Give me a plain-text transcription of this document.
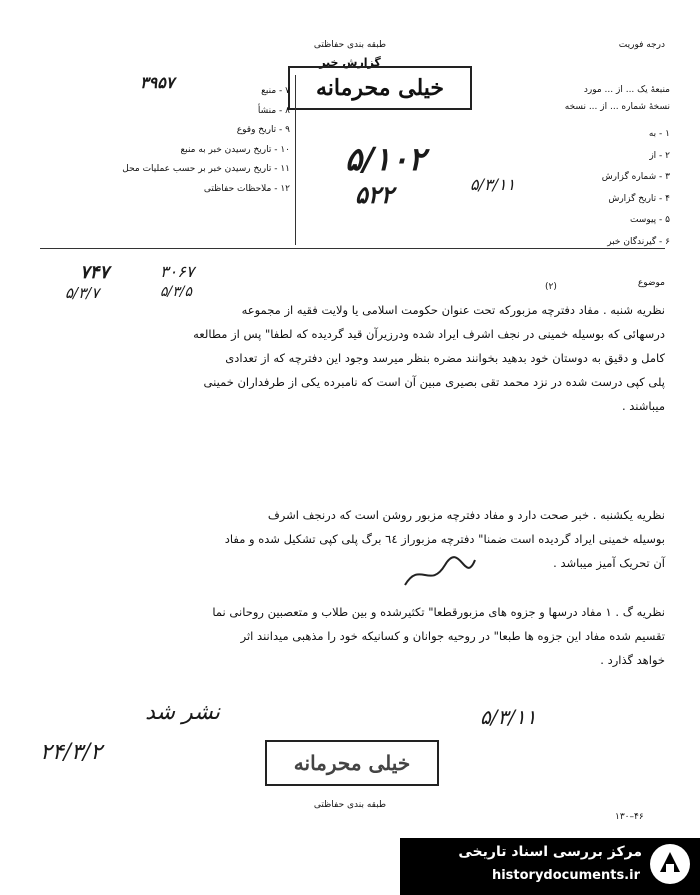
درجه فوریت
طبقه بندی حفاظتی
گزارش خبر
خیلی محرمانه	منبعهٔ یک ... از ... مورد
نسخهٔ شماره ... از ... نسخه
۱ - به
۲ - از
۳ - شماره گزارش
۴ - تاریخ گزارش
۵ - پیوست
۶ - گیرندگان خبر
۷ - منبع
۸ - منشأ
۹ - تاریخ وقوع
۱۰ - تاریخ رسیدن خبر به منبع
۱۱ - تاریخ رسیدن خبر بر حسب عملیات محل
۱۲ - ملاحظات حفاظتی
۳۹۵۷
۵/۱۰۲
۵۲۲	۵/۳/۱۱
۷۴۷
۵/۳/۷
۳۰۶۷
۵/۳/۵
موضوع
(۲)
نظریه شنبه . مفاد دفترچه مزبورکه تحت عنوان حکومت اسلامی یا ولایت فقیه از مجموعه
درسهائی که بوسیله خمینی در نجف اشرف ایراد شده ودرزیرآن قید گردیده که لطفا" پس از مطالعه
کامل و دقیق به دوستان خود بدهید بخوانند مضره بنظر میرسد وجود این دفترچه که از تعدادی
پلی کپی درست شده در نزد محمد تقی بصیری مبین آن است که نامبرده یکی از طرفداران خمینی
میباشند .
نظریه یکشنبه . خبر صحت دارد و مفاد دفترچه مزبور روشن است که درنجف اشرف
بوسیله خمینی ایراد گردیده است ضمنا" دفترچه مزبوراز ٦٤ برگ پلی کپی تشکیل شده و مفاد
آن تحریک آمیز میباشد .
نظریه گ . ۱ مفاد درسها و جزوه های مزبورقطعا" تکثیرشده و بین طلاب و متعصبین روحانی نما
تقسیم شده مفاد این جزوه ها طبعا" در روحیه جوانان و کسانیکه خود را مذهبی میدانند اثر
خواهد گذارد .
نشر شد
۲۴/۳/۲
۵/۳/۱۱
خیلی محرمانه
طبقه بندی حفاظتی
۱۳۰–۴۶
مرکز بررسی اسناد تاریخی
historydocuments.ir
